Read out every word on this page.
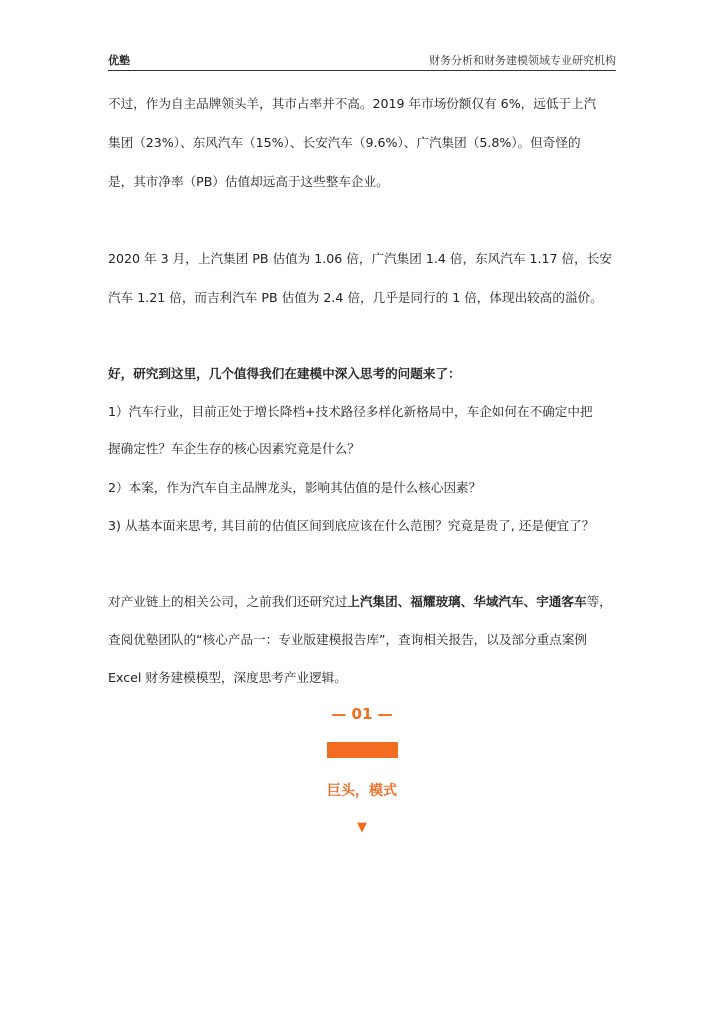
优塾	财务分析和财务建模领域专业研究机构

不过，作为自主品牌领头羊，其市占率并不高。2019 年市场份额仅有 6%，远低于上汽

集团（23%）、东风汽车（15%）、长安汽车（9.6%）、广汽集团（5.8%）。但奇怪的

是，其市净率（PB）估值却远高于这些整车企业。

2020 年 3 月，上汽集团 PB 估值为 1.06 倍，广汽集团 1.4 倍，东风汽车 1.17 倍，长安

汽车 1.21 倍，而吉利汽车 PB 估值为 2.4 倍，几乎是同行的 1 倍，体现出较高的溢价。

好，研究到这里，几个值得我们在建模中深入思考的问题来了：

1）汽车行业，目前正处于增长降档+技术路径多样化新格局中，车企如何在不确定中把

握确定性？车企生存的核心因素究竟是什么？

2）本案，作为汽车自主品牌龙头，影响其估值的是什么核心因素？

3) 从基本面来思考, 其目前的估值区间到底应该在什么范围？究竟是贵了, 还是便宜了？

对产业链上的相关公司，之前我们还研究过上汽集团、福耀玻璃、华域汽车、宇通客车等，

查阅优塾团队的“核心产品一：专业版建模报告库”，查询相关报告，以及部分重点案例

Excel 财务建模模型，深度思考产业逻辑。

— 01 —
巨头，模式
▼
